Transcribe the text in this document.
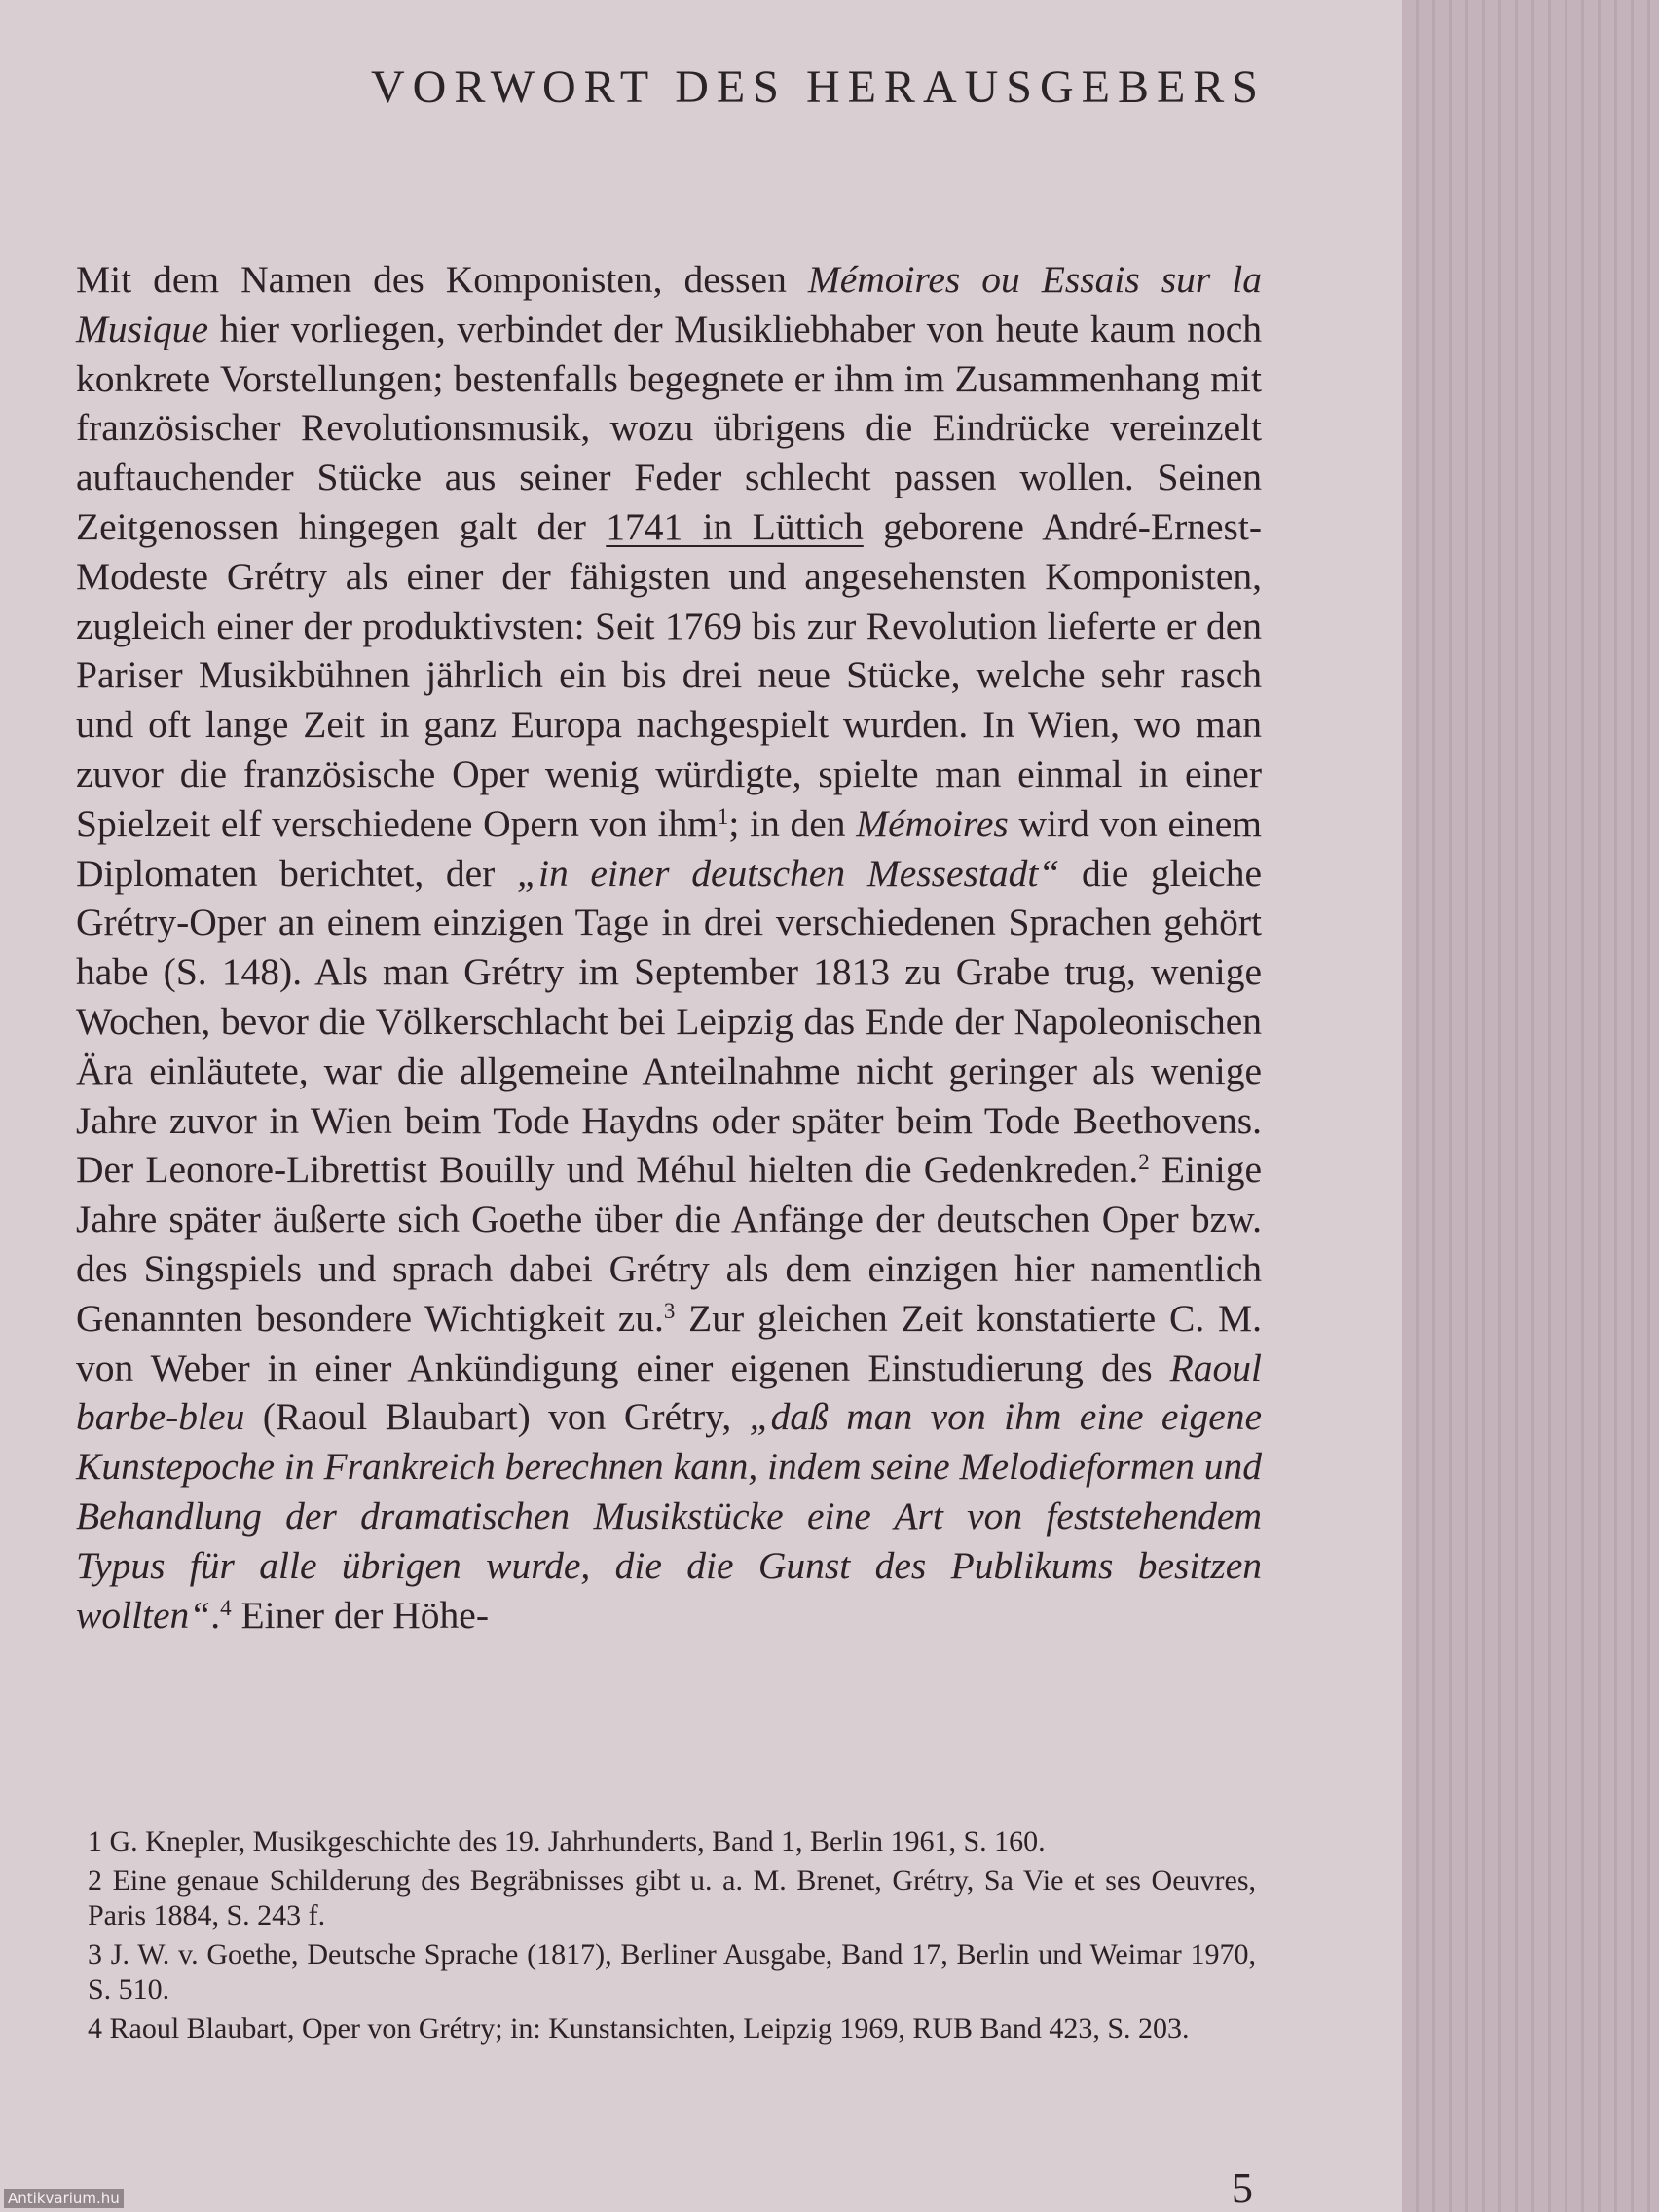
VORWORT DES HERAUSGEBERS

Mit dem Namen des Komponisten, dessen Mémoires ou Essais sur la Musique hier vorliegen, verbindet der Musikliebhaber von heute kaum noch konkrete Vorstellungen; bestenfalls begegnete er ihm im Zusammenhang mit französischer Revolutionsmusik, wozu übrigens die Eindrücke vereinzelt auftauchender Stücke aus seiner Feder schlecht passen wollen. Seinen Zeitgenossen hingegen galt der 1741 in Lüttich geborene André-Ernest-Modeste Grétry als einer der fähigsten und angesehensten Komponisten, zugleich einer der produktivsten: Seit 1769 bis zur Revolution lieferte er den Pariser Musikbühnen jährlich ein bis drei neue Stücke, welche sehr rasch und oft lange Zeit in ganz Europa nachgespielt wurden. In Wien, wo man zuvor die französische Oper wenig würdigte, spielte man einmal in einer Spielzeit elf verschiedene Opern von ihm$^1$; in den Mémoires wird von einem Diplomaten berichtet, der „in einer deutschen Messestadt“ die gleiche Grétry-Oper an einem einzigen Tage in drei verschiedenen Sprachen gehört habe (S. 148). Als man Grétry im September 1813 zu Grabe trug, wenige Wochen, bevor die Völkerschlacht bei Leipzig das Ende der Napoleonischen Ära einläutete, war die allgemeine Anteilnahme nicht geringer als wenige Jahre zuvor in Wien beim Tode Haydns oder später beim Tode Beethovens. Der Leonore-Librettist Bouilly und Méhul hielten die Gedenkreden.$^2$ Einige Jahre später äußerte sich Goethe über die Anfänge der deutschen Oper bzw. des Singspiels und sprach dabei Grétry als dem einzigen hier namentlich Genannten besondere Wichtigkeit zu.$^3$ Zur gleichen Zeit konstatierte C. M. von Weber in einer Ankündigung einer eigenen Einstudierung des Raoul barbe-bleu (Raoul Blaubart) von Grétry, „daß man von ihm eine eigene Kunstepoche in Frankreich berechnen kann, indem seine Melodieformen und Behandlung der dramatischen Musikstücke eine Art von feststehendem Typus für alle übrigen wurde, die die Gunst des Publikums besitzen wollten“.$^4$ Einer der Höhe-

1 G. Knepler, Musikgeschichte des 19. Jahrhunderts, Band 1, Berlin 1961, S. 160.
2 Eine genaue Schilderung des Begräbnisses gibt u. a. M. Brenet, Grétry, Sa Vie et ses Oeuvres, Paris 1884, S. 243 f.
3 J. W. v. Goethe, Deutsche Sprache (1817), Berliner Ausgabe, Band 17, Berlin und Weimar 1970, S. 510.
4 Raoul Blaubart, Oper von Grétry; in: Kunstansichten, Leipzig 1969, RUB Band 423, S. 203.

5

Antikvarium.hu
